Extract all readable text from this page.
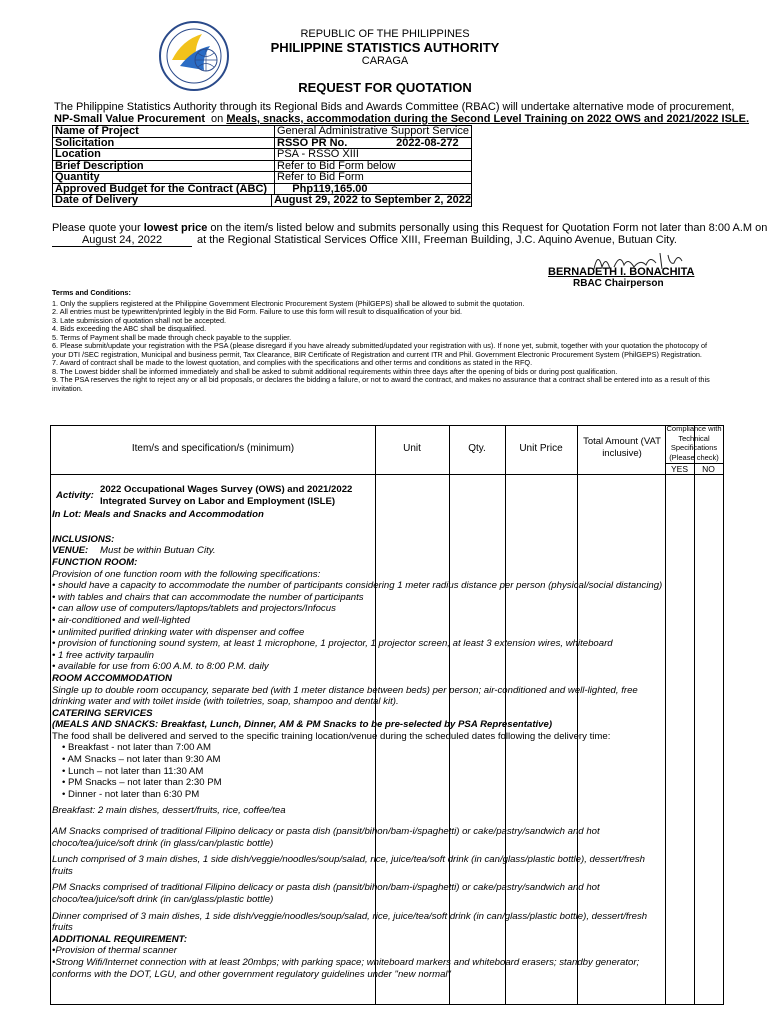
REPUBLIC OF THE PHILIPPINES
PHILIPPINE STATISTICS AUTHORITY
CARAGA
REQUEST FOR QUOTATION
The Philippine Statistics Authority through its Regional Bids and Awards Committee (RBAC) will undertake alternative mode of procurement,
NP-Small Value Procurement on Meals, snacks, accommodation during the Second Level Training on 2022 OWS and 2021/2022 ISLE.
Name of Project	General Administrative Support Service
Solicitation	RSSO PR No.                2022-08-272
Location	PSA - RSSO XIII
Brief Description	Refer to Bid Form below
Quantity	Refer to Bid Form
Approved Budget for the Contract (ABC) Php119,165.00
Date of Delivery	August 29, 2022 to September 2, 2022
Please quote your lowest price on the item/s listed below and submits personally using this Request for Quotation Form not later than 8:00 A.M on
August 24, 2022	at the Regional Statistical Services Office XIII, Freeman Building, J.C. Aquino Avenue, Butuan City.
BERNADETH I. BONACHITA
RBAC Chairperson
Terms and Conditions:
1. Only the suppliers registered at the Philippine Government Electronic Procurement System (PhilGEPS) shall be allowed to submit the quotation.
2. All entries must be typewritten/printed legibly in the Bid Form. Failure to use this form will result to disqualification of your bid.
3. Late submission of quotation shall not be accepted.
4. Bids exceeding the ABC shall be disqualified.
5. Terms of Payment shall be made through check payable to the supplier.
6. Please submit/update your registration with the PSA (please disregard if you have already submitted/updated your registration with us). If none yet, submit, together with your quotation the photocopy of your DTI /SEC registration, Municipal and business permit, Tax Clearance, BIR Certificate of Registration and current ITR and Phil. Government Electronic Procurement System (PhilGEPS) Registration.
7. Award of contract shall be made to the lowest quotation, and complies with the specifications and other terms and conditions as stated in the RFQ.
8. The Lowest bidder shall be informed immediately and shall be asked to submit additional requirements within three days after the opening of bids or during post qualification.
9. The PSA reserves the right to reject any or all bid proposals, or declares the bidding a failure, or not to award the contract, and makes no assurance that a contract shall be entered into as a result of this invitation.
Item/s and specification/s (minimum)	Unit	Qty.	Unit Price
Total Amount (VAT inclusive)
Compliance with Technical Specifications (Please check)
YES	NO
Activity:
2022 Occupational Wages Survey (OWS) and 2021/2022 Integrated Survey on Labor and Employment (ISLE)
In Lot: Meals and Snacks and Accommodation
INCLUSIONS:
VENUE: Must be within Butuan City.
FUNCTION ROOM:
Provision of one function room with the following specifications:
• should have a capacity to accommodate the number of participants considering 1 meter radius distance per person (physical/social distancing)
• with tables and chairs that can accommodate the number of participants
• can allow use of computers/laptops/tablets and projectors/Infocus
• air-conditioned and well-lighted
• unlimited purified drinking water with dispenser and coffee
• provision of functioning sound system, at least 1 microphone, 1 projector, 1 projector screen, at least 3 extension wires, whiteboard
• 1 free activity tarpaulin
• available for use from 6:00 A.M. to 8:00 P.M. daily
ROOM ACCOMMODATION
Single up to double room occupancy, separate bed (with 1 meter distance between beds) per person; air-conditioned and well-lighted, free drinking water and with toilet inside (with toiletries, soap, shampoo and dental kit).
CATERING SERVICES
(MEALS AND SNACKS: Breakfast, Lunch, Dinner, AM & PM Snacks to be pre-selected by PSA Representative)
The food shall be delivered and served to the specific training location/venue during the scheduled dates following the delivery time:
• Breakfast - not later than 7:00 AM
• AM Snacks – not later than 9:30 AM
• Lunch – not later than 11:30 AM
• PM Snacks – not later than 2:30 PM
• Dinner - not later than 6:30 PM
Breakfast: 2 main dishes, dessert/fruits, rice, coffee/tea
AM Snacks comprised of traditional Filipino delicacy or pasta dish (pansit/bihon/bam-i/spaghetti) or cake/pastry/sandwich and hot choco/tea/juice/soft drink (in glass/can/plastic bottle)
Lunch comprised of 3 main dishes, 1 side dish/veggie/noodles/soup/salad, rice, juice/tea/soft drink (in can/glass/plastic bottle), dessert/fresh fruits
PM Snacks comprised of traditional Filipino delicacy or pasta dish (pansit/bihon/bam-i/spaghetti) or cake/pastry/sandwich and hot choco/tea/juice/soft drink (in can/glass/plastic bottle)
Dinner comprised of 3 main dishes, 1 side dish/veggie/noodles/soup/salad, rice, juice/tea/soft drink (in can/glass/plastic bottle), dessert/fresh fruits
ADDITIONAL REQUIREMENT:
•Provision of thermal scanner
•Strong Wifi/Internet connection with at least 20mbps; with parking space; whiteboard markers and whiteboard erasers; standby generator; conforms with the DOT, LGU, and other government regulatory guidelines under "new normal"
